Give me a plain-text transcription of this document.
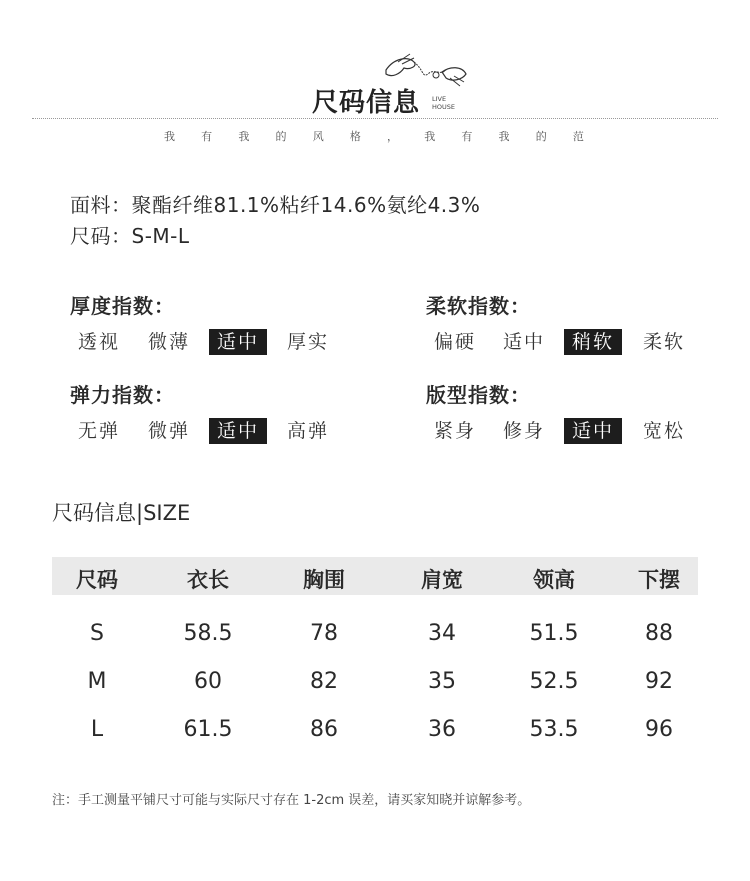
尺码信息 LIVE
HOUSE
我 有 我 的 风 格 ， 我 有 我 的 范
面料：聚酯纤维81.1%粘纤14.6%氨纶4.3%
尺码：S-M-L
厚度指数：
透视	微薄	适中	厚实
柔软指数：
偏硬	适中	稍软	柔软
弹力指数：
无弹	微弹	适中	高弹
版型指数：
紧身	修身	适中	宽松
尺码信息|SIZE
尺码	衣长	胸围	肩宽	领高	下摆
S	58.5	78	34	51.5	88
M	60	82	35	52.5	92
L	61.5	86	36	53.5	96
注：手工测量平铺尺寸可能与实际尺寸存在 1-2cm 误差，请买家知晓并谅解参考。
